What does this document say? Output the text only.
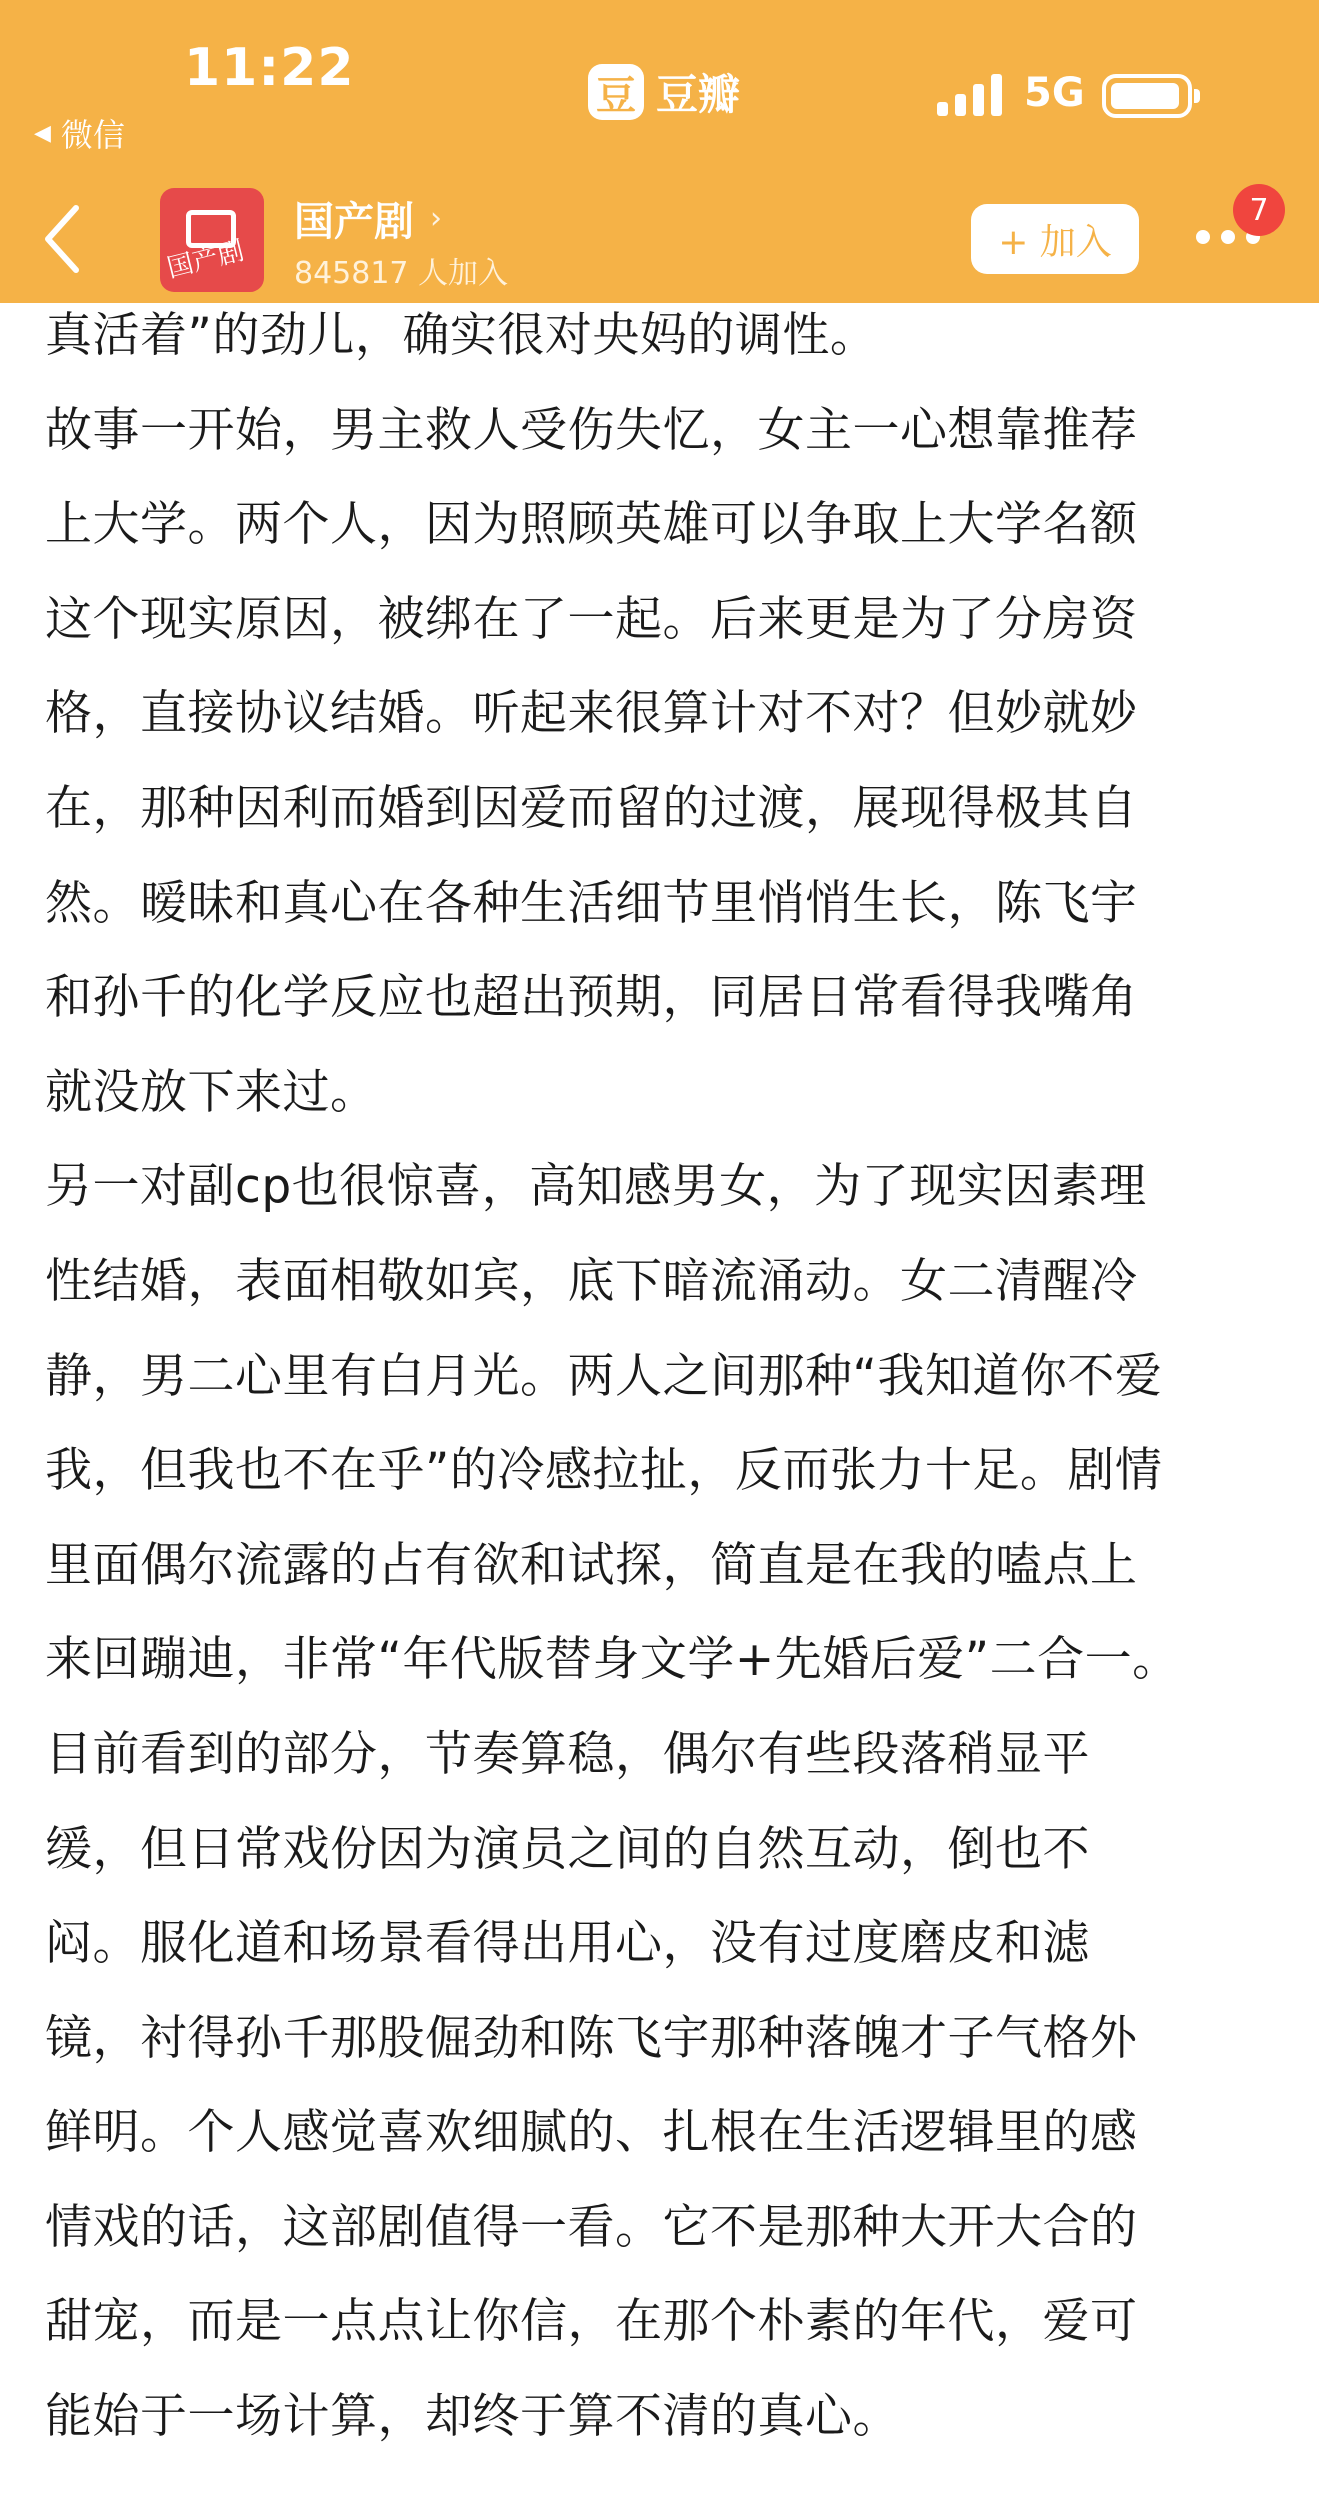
11:22
◀ 微信
豆 豆瓣	5G
国产剧
国产剧 ›
845817 人加入
+ 加入
7
真活着”的劲儿，确实很对央妈的调性。
故事一开始，男主救人受伤失忆，女主一心想靠推荐
上大学。两个人，因为照顾英雄可以争取上大学名额
这个现实原因，被绑在了一起。后来更是为了分房资
格，直接协议结婚。听起来很算计对不对？但妙就妙
在，那种因利而婚到因爱而留的过渡，展现得极其自
然。暧昧和真心在各种生活细节里悄悄生长，陈飞宇
和孙千的化学反应也超出预期，同居日常看得我嘴角
就没放下来过。
另一对副cp也很惊喜，高知感男女，为了现实因素理
性结婚，表面相敬如宾，底下暗流涌动。女二清醒冷
静，男二心里有白月光。两人之间那种“我知道你不爱
我，但我也不在乎”的冷感拉扯，反而张力十足。剧情
里面偶尔流露的占有欲和试探，简直是在我的嗑点上
来回蹦迪，非常“年代版替身文学+先婚后爱”二合一。
目前看到的部分，节奏算稳，偶尔有些段落稍显平
缓，但日常戏份因为演员之间的自然互动，倒也不
闷。服化道和场景看得出用心，没有过度磨皮和滤
镜，衬得孙千那股倔劲和陈飞宇那种落魄才子气格外
鲜明。个人感觉喜欢细腻的、扎根在生活逻辑里的感
情戏的话，这部剧值得一看。它不是那种大开大合的
甜宠，而是一点点让你信，在那个朴素的年代，爱可
能始于一场计算，却终于算不清的真心。
